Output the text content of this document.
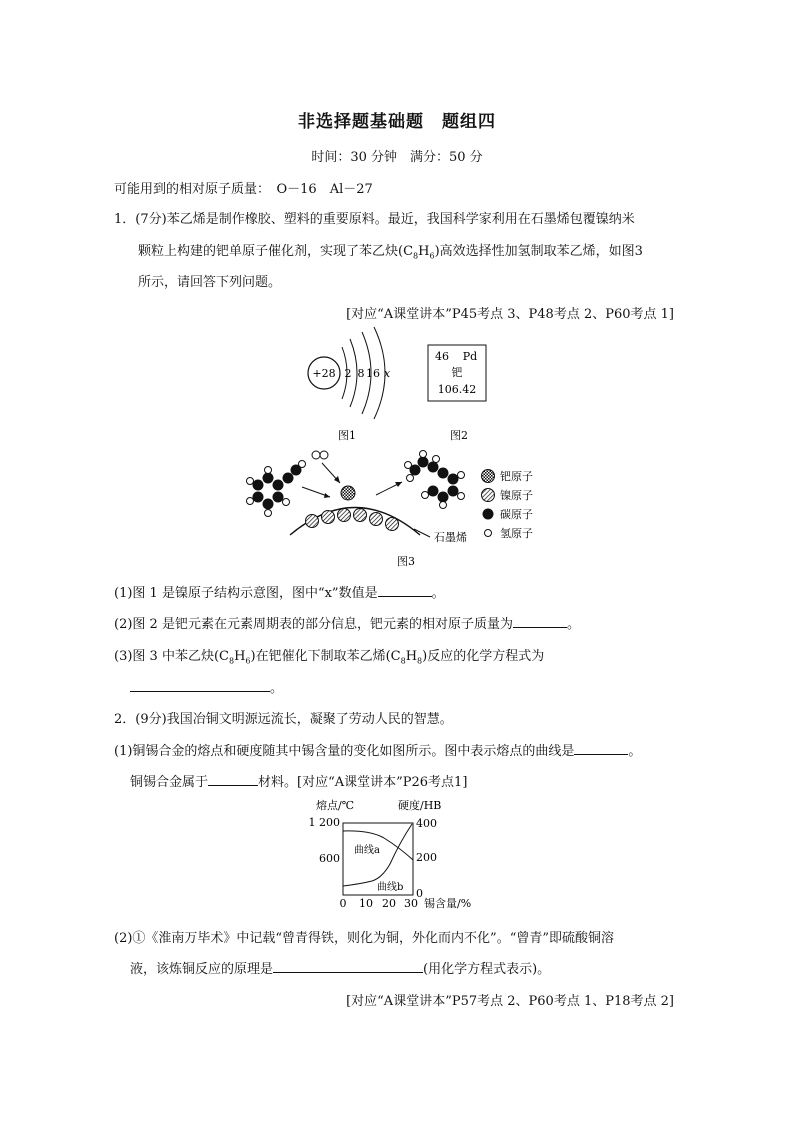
非选择题基础题　题组四
时间：30 分钟　满分：50 分
可能用到的相对原子质量：　O－16　Al－27
1．(7分)苯乙烯是制作橡胶、塑料的重要原料。最近，我国科学家利用在石墨烯包覆镍纳米
颗粒上构建的钯单原子催化剂，实现了苯乙炔$(C_8H_6)$高效选择性加氢制取苯乙烯，如图3
所示，请回答下列问题。
[对应“A课堂讲本”P45考点 3、P48考点 2、P60考点 1]
+28 2 8 16 x
图1
46 Pd
钯
106.42
图2
石墨烯
钯原子
镍原子
碳原子
氢原子
图3
(1)图 1 是镍原子结构示意图，图中“x”数值是	。
(2)图 2 是钯元素在元素周期表的部分信息，钯元素的相对原子质量为	。
(3)图 3 中苯乙炔$(C_8H_6)$在钯催化下制取苯乙烯$(C_8H_8)$反应的化学方程式为
。
2．(9分)我国冶铜文明源远流长，凝聚了劳动人民的智慧。
(1)铜锡合金的熔点和硬度随其中锡含量的变化如图所示。图中表示熔点的曲线是	。
铜锡合金属于	材料。[对应“A课堂讲本”P26考点1]
熔点/℃	硬度/HB
1 200
600
400
200
0
0 10 20 30 锡含量/%
曲线a
曲线b
(2)①《淮南万毕术》中记载“曾青得铁，则化为铜，外化而内不化”。“曾青”即硫酸铜溶
液，该炼铜反应的原理是	(用化学方程式表示)。
[对应“A课堂讲本”P57考点 2、P60考点 1、P18考点 2]
